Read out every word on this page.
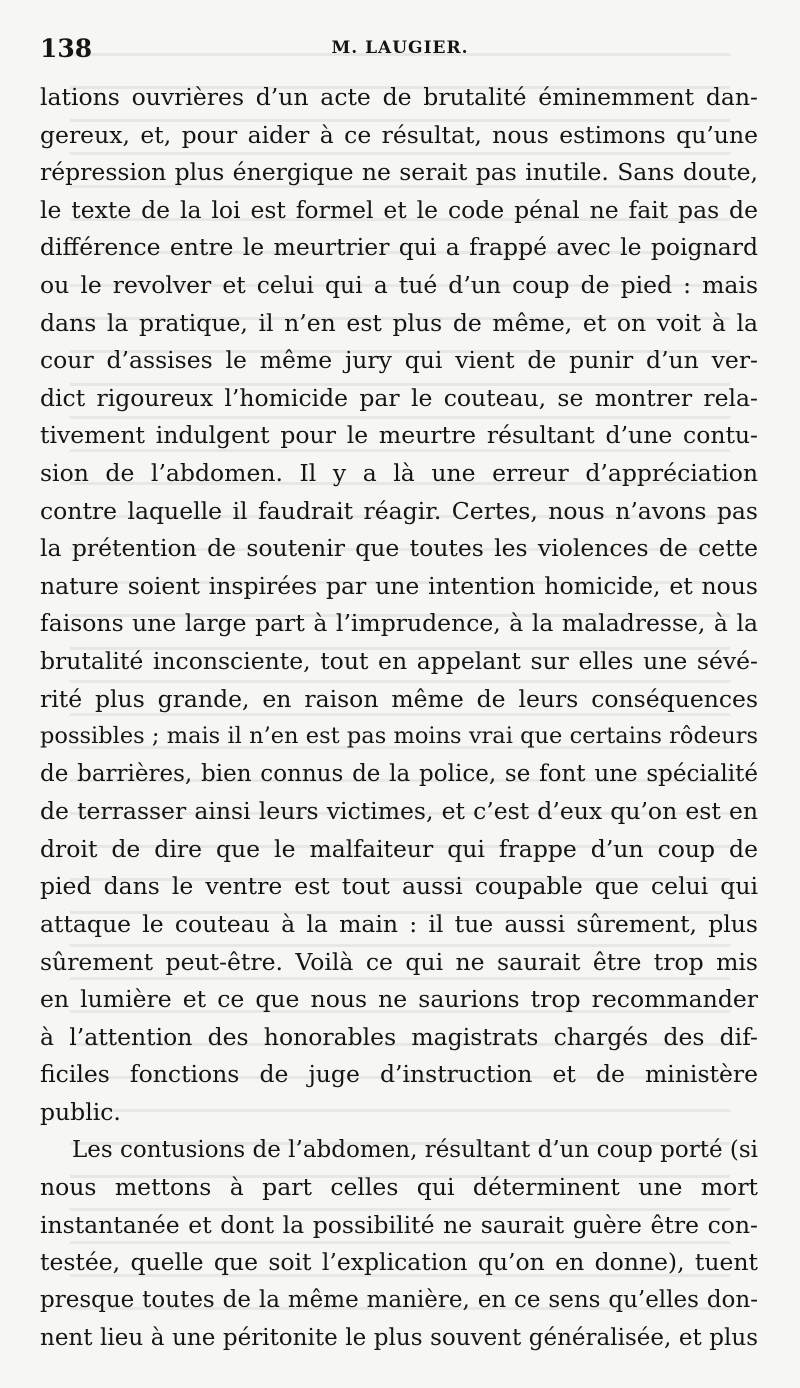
138	M. LAUGIER.
lations ouvrières d’un acte de brutalité éminemment dan-
gereux, et, pour aider à ce résultat, nous estimons qu’une
répression plus énergique ne serait pas inutile. Sans doute,
le texte de la loi est formel et le code pénal ne fait pas de
différence entre le meurtrier qui a frappé avec le poignard
ou le revolver et celui qui a tué d’un coup de pied : mais
dans la pratique, il n’en est plus de même, et on voit à la
cour d’assises le même jury qui vient de punir d’un ver-
dict rigoureux l’homicide par le couteau, se montrer rela-
tivement indulgent pour le meurtre résultant d’une contu-
sion de l’abdomen. Il y a là une erreur d’appréciation
contre laquelle il faudrait réagir. Certes, nous n’avons pas
la prétention de soutenir que toutes les violences de cette
nature soient inspirées par une intention homicide, et nous
faisons une large part à l’imprudence, à la maladresse, à la
brutalité inconsciente, tout en appelant sur elles une sévé-
rité plus grande, en raison même de leurs conséquences
possibles ; mais il n’en est pas moins vrai que certains rôdeurs
de barrières, bien connus de la police, se font une spécialité
de terrasser ainsi leurs victimes, et c’est d’eux qu’on est en
droit de dire que le malfaiteur qui frappe d’un coup de
pied dans le ventre est tout aussi coupable que celui qui
attaque le couteau à la main : il tue aussi sûrement, plus
sûrement peut-être. Voilà ce qui ne saurait être trop mis
en lumière et ce que nous ne saurions trop recommander
à l’attention des honorables magistrats chargés des dif-
ficiles fonctions de juge d’instruction et de ministère
public.
Les contusions de l’abdomen, résultant d’un coup porté (si
nous mettons à part celles qui déterminent une mort
instantanée et dont la possibilité ne saurait guère être con-
testée, quelle que soit l’explication qu’on en donne), tuent
presque toutes de la même manière, en ce sens qu’elles don-
nent lieu à une péritonite le plus souvent généralisée, et plus
